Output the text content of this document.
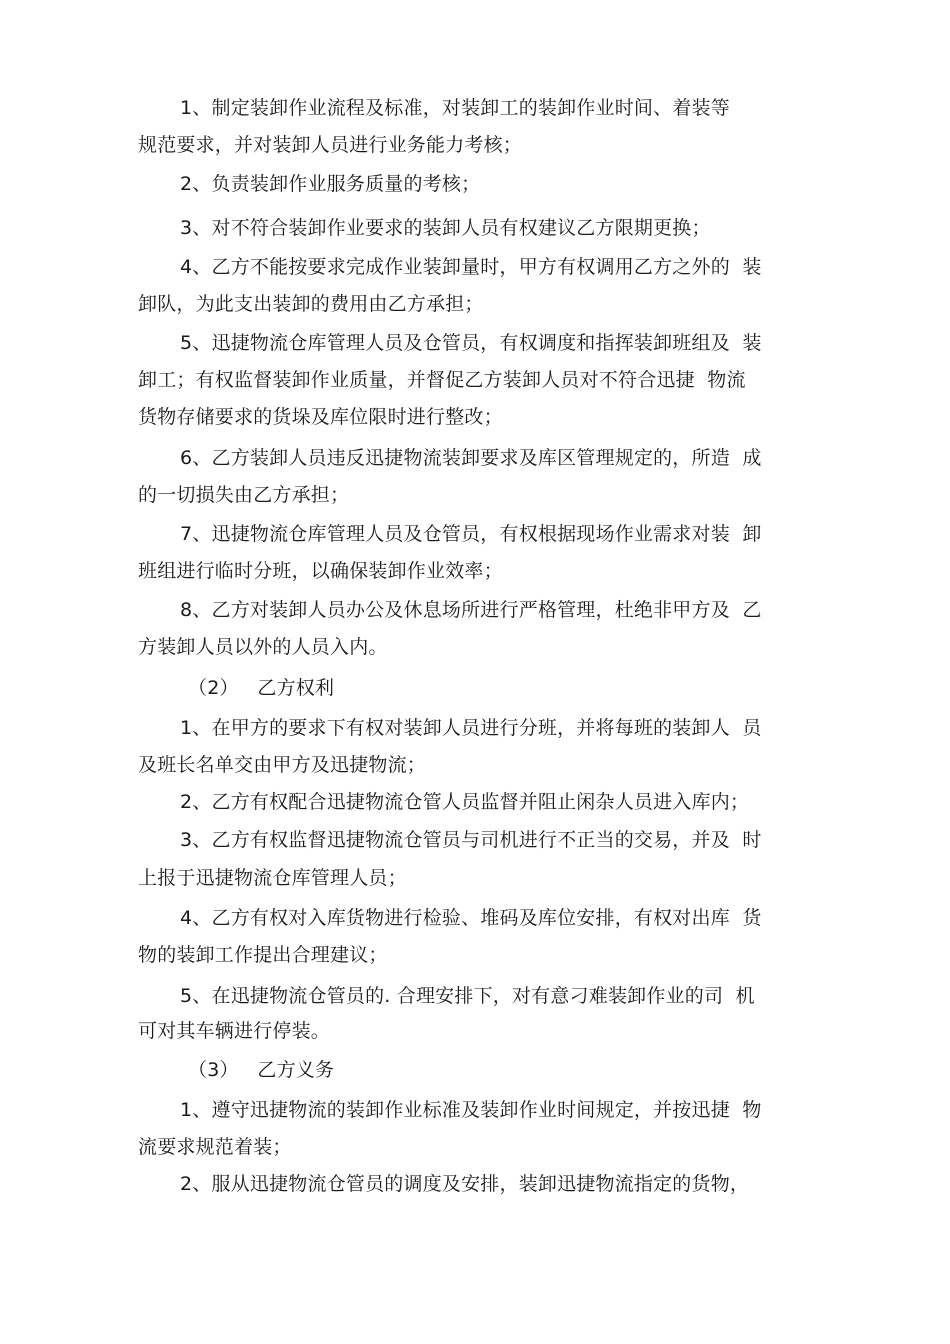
1、制定装卸作业流程及标准，对装卸工的装卸作业时间、着装等
规范要求，并对装卸人员进行业务能力考核；
2、负责装卸作业服务质量的考核；
3、对不符合装卸作业要求的装卸人员有权建议乙方限期更换；
4、乙方不能按要求完成作业装卸量时，甲方有权调用乙方之外的  装
卸队，为此支出装卸的费用由乙方承担；
5、迅捷物流仓库管理人员及仓管员，有权调度和指挥装卸班组及  装
卸工；有权监督装卸作业质量，并督促乙方装卸人员对不符合迅捷  物流
货物存储要求的货垛及库位限时进行整改；
6、乙方装卸人员违反迅捷物流装卸要求及库区管理规定的，所造  成
的一切损失由乙方承担；
7、迅捷物流仓库管理人员及仓管员，有权根据现场作业需求对装  卸
班组进行临时分班，以确保装卸作业效率；
8、乙方对装卸人员办公及休息场所进行严格管理，杜绝非甲方及  乙
方装卸人员以外的人员入内。
（2）   乙方权利
1、在甲方的要求下有权对装卸人员进行分班，并将每班的装卸人  员
及班长名单交由甲方及迅捷物流；
2、乙方有权配合迅捷物流仓管人员监督并阻止闲杂人员进入库内；
3、乙方有权监督迅捷物流仓管员与司机进行不正当的交易，并及  时
上报于迅捷物流仓库管理人员；
4、乙方有权对入库货物进行检验、堆码及库位安排，有权对出库  货
物的装卸工作提出合理建议；
5、在迅捷物流仓管员的. 合理安排下，对有意刁难装卸作业的司  机
可对其车辆进行停装。
（3）   乙方义务
1、遵守迅捷物流的装卸作业标准及装卸作业时间规定，并按迅捷  物
流要求规范着装；
2、服从迅捷物流仓管员的调度及安排，装卸迅捷物流指定的货物，
